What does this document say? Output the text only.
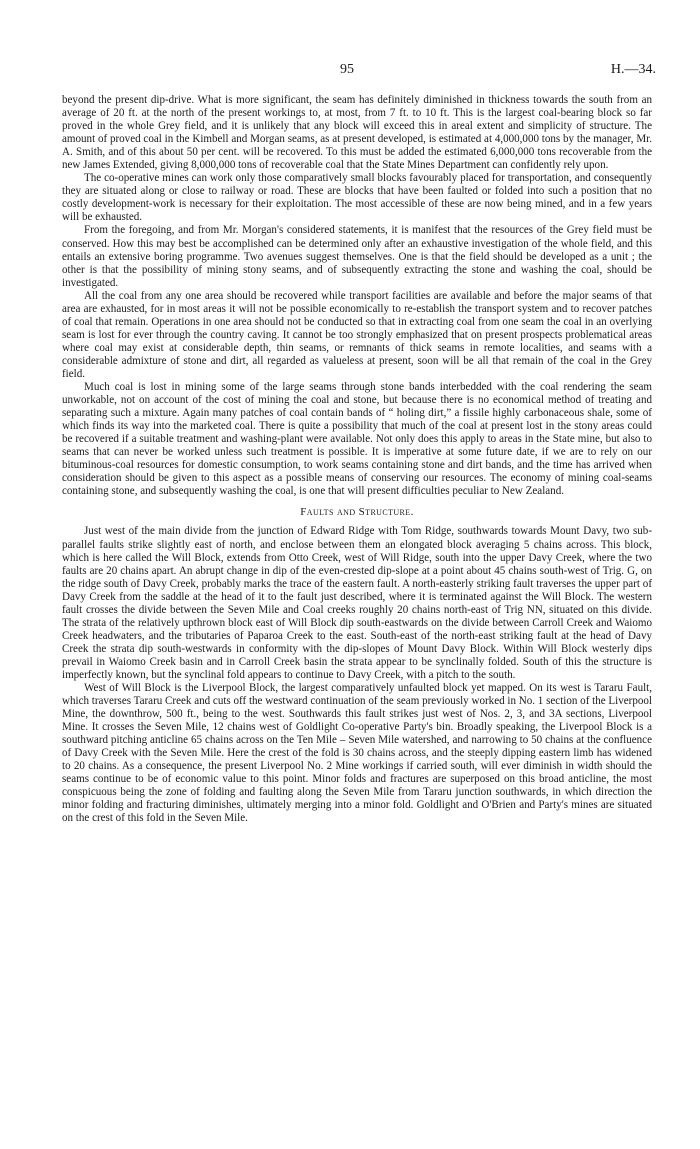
95	H.—34.

beyond the present dip-drive. What is more significant, the seam has definitely diminished in thickness towards the south from an average of 20 ft. at the north of the present workings to, at most, from 7 ft. to 10 ft. This is the largest coal-bearing block so far proved in the whole Grey field, and it is unlikely that any block will exceed this in areal extent and simplicity of structure. The amount of proved coal in the Kimbell and Morgan seams, as at present developed, is estimated at 4,000,000 tons by the manager, Mr. A. Smith, and of this about 50 per cent. will be recovered. To this must be added the estimated 6,000,000 tons recoverable from the new James Extended, giving 8,000,000 tons of recoverable coal that the State Mines Department can confidently rely upon.

The co-operative mines can work only those comparatively small blocks favourably placed for transportation, and consequently they are situated along or close to railway or road. These are blocks that have been faulted or folded into such a position that no costly development-work is necessary for their exploitation. The most accessible of these are now being mined, and in a few years will be exhausted.

From the foregoing, and from Mr. Morgan's considered statements, it is manifest that the resources of the Grey field must be conserved. How this may best be accomplished can be determined only after an exhaustive investigation of the whole field, and this entails an extensive boring programme. Two avenues suggest themselves. One is that the field should be developed as a unit ; the other is that the possibility of mining stony seams, and of subsequently extracting the stone and washing the coal, should be investigated.

All the coal from any one area should be recovered while transport facilities are available and before the major seams of that area are exhausted, for in most areas it will not be possible economically to re-establish the transport system and to recover patches of coal that remain. Operations in one area should not be conducted so that in extracting coal from one seam the coal in an overlying seam is lost for ever through the country caving. It cannot be too strongly emphasized that on present prospects problematical areas where coal may exist at considerable depth, thin seams, or remnants of thick seams in remote localities, and seams with a considerable admixture of stone and dirt, all regarded as valueless at present, soon will be all that remain of the coal in the Grey field.

Much coal is lost in mining some of the large seams through stone bands interbedded with the coal rendering the seam unworkable, not on account of the cost of mining the coal and stone, but because there is no economical method of treating and separating such a mixture. Again many patches of coal contain bands of “ holing dirt,” a fissile highly carbonaceous shale, some of which finds its way into the marketed coal. There is quite a possibility that much of the coal at present lost in the stony areas could be recovered if a suitable treatment and washing-plant were available. Not only does this apply to areas in the State mine, but also to seams that can never be worked unless such treatment is possible. It is imperative at some future date, if we are to rely on our bituminous-coal resources for domestic consumption, to work seams containing stone and dirt bands, and the time has arrived when consideration should be given to this aspect as a possible means of conserving our resources. The economy of mining coal-seams containing stone, and subsequently washing the coal, is one that will present difficulties peculiar to New Zealand.

Faults and Structure.

Just west of the main divide from the junction of Edward Ridge with Tom Ridge, southwards towards Mount Davy, two sub-parallel faults strike slightly east of north, and enclose between them an elongated block averaging 5 chains across. This block, which is here called the Will Block, extends from Otto Creek, west of Will Ridge, south into the upper Davy Creek, where the two faults are 20 chains apart. An abrupt change in dip of the even-crested dip-slope at a point about 45 chains south-west of Trig. G, on the ridge south of Davy Creek, probably marks the trace of the eastern fault. A north-easterly striking fault traverses the upper part of Davy Creek from the saddle at the head of it to the fault just described, where it is terminated against the Will Block. The western fault crosses the divide between the Seven Mile and Coal creeks roughly 20 chains north-east of Trig NN, situated on this divide. The strata of the relatively upthrown block east of Will Block dip south-eastwards on the divide between Carroll Creek and Waiomo Creek headwaters, and the tributaries of Paparoa Creek to the east. South-east of the north-east striking fault at the head of Davy Creek the strata dip south-westwards in conformity with the dip-slopes of Mount Davy Block. Within Will Block westerly dips prevail in Waiomo Creek basin and in Carroll Creek basin the strata appear to be synclinally folded. South of this the structure is imperfectly known, but the synclinal fold appears to continue to Davy Creek, with a pitch to the south.

West of Will Block is the Liverpool Block, the largest comparatively unfaulted block yet mapped. On its west is Tararu Fault, which traverses Tararu Creek and cuts off the westward continuation of the seam previously worked in No. 1 section of the Liverpool Mine, the downthrow, 500 ft., being to the west. Southwards this fault strikes just west of Nos. 2, 3, and 3A sections, Liverpool Mine. It crosses the Seven Mile, 12 chains west of Goldlight Co-operative Party's bin. Broadly speaking, the Liverpool Block is a southward pitching anticline 65 chains across on the Ten Mile – Seven Mile watershed, and narrowing to 50 chains at the confluence of Davy Creek with the Seven Mile. Here the crest of the fold is 30 chains across, and the steeply dipping eastern limb has widened to 20 chains. As a consequence, the present Liverpool No. 2 Mine workings if carried south, will ever diminish in width should the seams continue to be of economic value to this point. Minor folds and fractures are superposed on this broad anticline, the most conspicuous being the zone of folding and faulting along the Seven Mile from Tararu junction southwards, in which direction the minor folding and fracturing diminishes, ultimately merging into a minor fold. Goldlight and O'Brien and Party's mines are situated on the crest of this fold in the Seven Mile.
